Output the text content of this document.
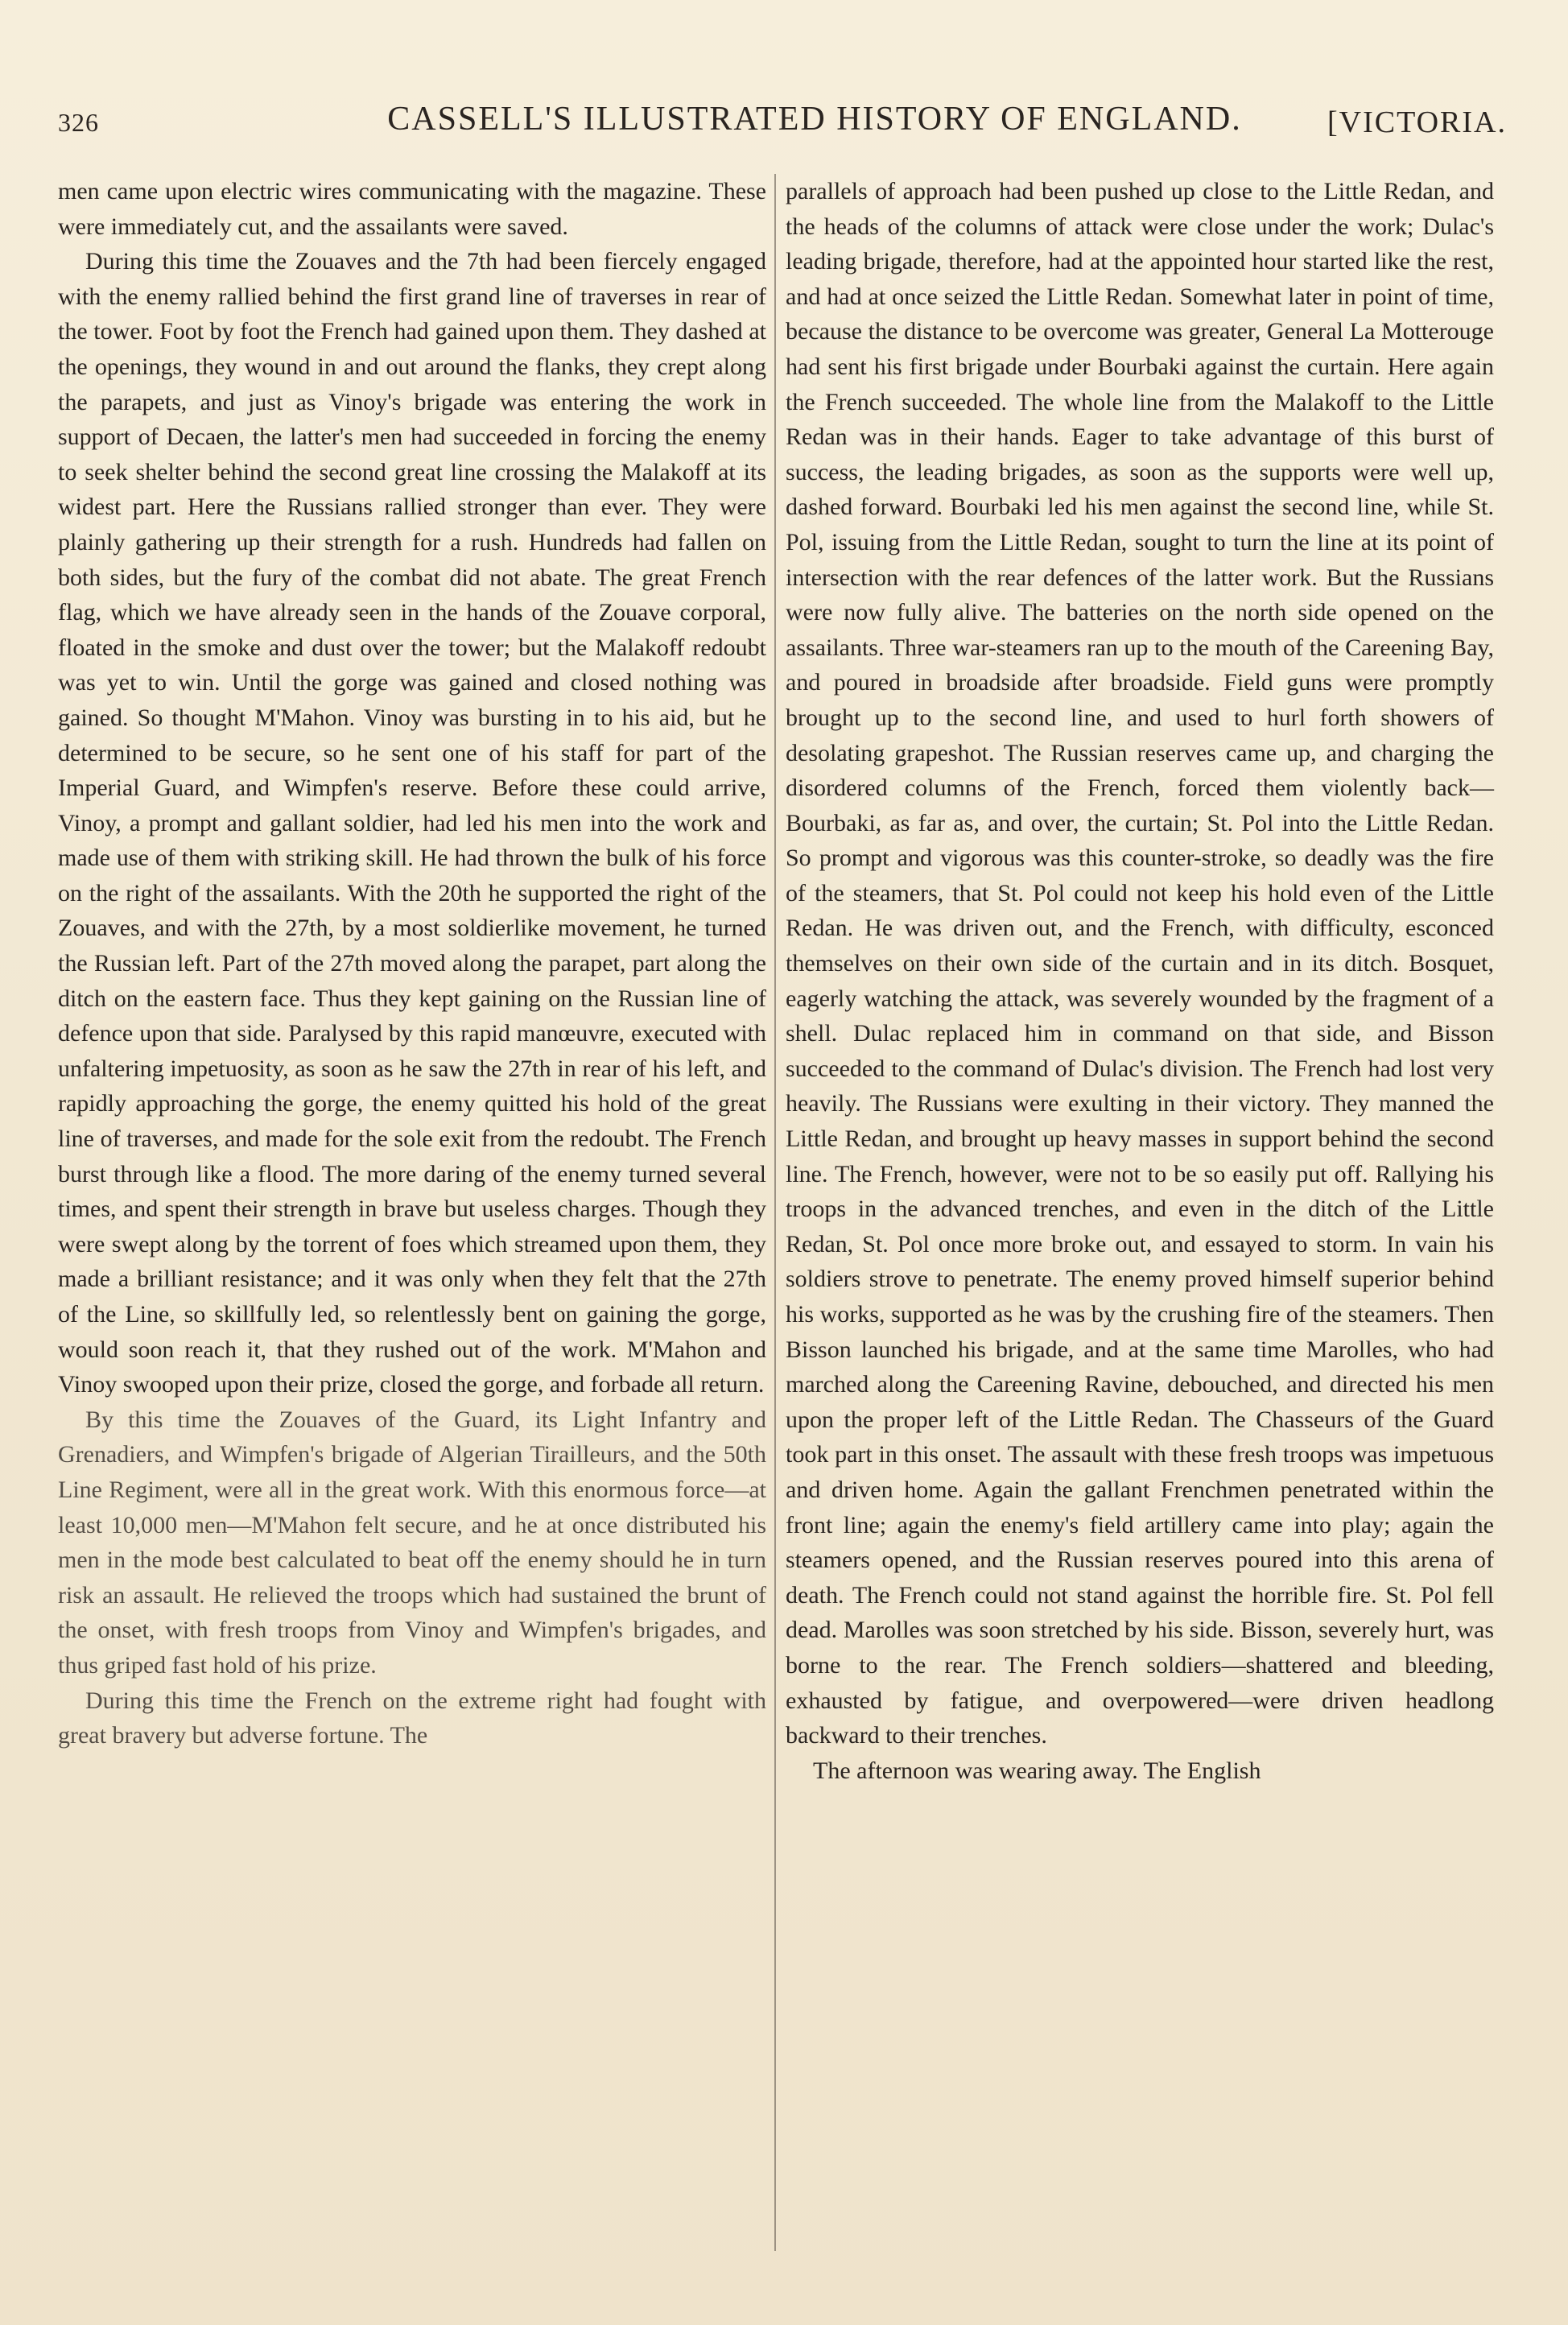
326	CASSELL'S ILLUSTRATED HISTORY OF ENGLAND.	[VICTORIA.

men came upon electric wires communicating with the magazine. These were immediately cut, and the assailants were saved.

During this time the Zouaves and the 7th had been fiercely engaged with the enemy rallied behind the first grand line of traverses in rear of the tower. Foot by foot the French had gained upon them. They dashed at the openings, they wound in and out around the flanks, they crept along the parapets, and just as Vinoy's brigade was entering the work in support of Decaen, the latter's men had succeeded in forcing the enemy to seek shelter behind the second great line crossing the Malakoff at its widest part. Here the Russians rallied stronger than ever. They were plainly gathering up their strength for a rush. Hundreds had fallen on both sides, but the fury of the combat did not abate. The great French flag, which we have already seen in the hands of the Zouave corporal, floated in the smoke and dust over the tower; but the Malakoff redoubt was yet to win. Until the gorge was gained and closed nothing was gained. So thought M'Mahon. Vinoy was bursting in to his aid, but he determined to be secure, so he sent one of his staff for part of the Imperial Guard, and Wimpfen's reserve. Before these could arrive, Vinoy, a prompt and gallant soldier, had led his men into the work and made use of them with striking skill. He had thrown the bulk of his force on the right of the assailants. With the 20th he supported the right of the Zouaves, and with the 27th, by a most soldierlike movement, he turned the Russian left. Part of the 27th moved along the parapet, part along the ditch on the eastern face. Thus they kept gaining on the Russian line of defence upon that side. Paralysed by this rapid manœuvre, executed with unfaltering impetuosity, as soon as he saw the 27th in rear of his left, and rapidly approaching the gorge, the enemy quitted his hold of the great line of traverses, and made for the sole exit from the redoubt. The French burst through like a flood. The more daring of the enemy turned several times, and spent their strength in brave but useless charges. Though they were swept along by the torrent of foes which streamed upon them, they made a brilliant resistance; and it was only when they felt that the 27th of the Line, so skillfully led, so relentlessly bent on gaining the gorge, would soon reach it, that they rushed out of the work. M'Mahon and Vinoy swooped upon their prize, closed the gorge, and forbade all return.

By this time the Zouaves of the Guard, its Light Infantry and Grenadiers, and Wimpfen's brigade of Algerian Tirailleurs, and the 50th Line Regiment, were all in the great work. With this enormous force—at least 10,000 men—M'Mahon felt secure, and he at once distributed his men in the mode best calculated to beat off the enemy should he in turn risk an assault. He relieved the troops which had sustained the brunt of the onset, with fresh troops from Vinoy and Wimpfen's brigades, and thus griped fast hold of his prize.

During this time the French on the extreme right had fought with great bravery but adverse fortune. The

parallels of approach had been pushed up close to the Little Redan, and the heads of the columns of attack were close under the work; Dulac's leading brigade, therefore, had at the appointed hour started like the rest, and had at once seized the Little Redan. Somewhat later in point of time, because the distance to be overcome was greater, General La Motterouge had sent his first brigade under Bourbaki against the curtain. Here again the French succeeded. The whole line from the Malakoff to the Little Redan was in their hands. Eager to take advantage of this burst of success, the leading brigades, as soon as the supports were well up, dashed forward. Bourbaki led his men against the second line, while St. Pol, issuing from the Little Redan, sought to turn the line at its point of intersection with the rear defences of the latter work. But the Russians were now fully alive. The batteries on the north side opened on the assailants. Three war-steamers ran up to the mouth of the Careening Bay, and poured in broadside after broadside. Field guns were promptly brought up to the second line, and used to hurl forth showers of desolating grapeshot. The Russian reserves came up, and charging the disordered columns of the French, forced them violently back—Bourbaki, as far as, and over, the curtain; St. Pol into the Little Redan. So prompt and vigorous was this counter-stroke, so deadly was the fire of the steamers, that St. Pol could not keep his hold even of the Little Redan. He was driven out, and the French, with difficulty, esconced themselves on their own side of the curtain and in its ditch. Bosquet, eagerly watching the attack, was severely wounded by the fragment of a shell. Dulac replaced him in command on that side, and Bisson succeeded to the command of Dulac's division. The French had lost very heavily. The Russians were exulting in their victory. They manned the Little Redan, and brought up heavy masses in support behind the second line. The French, however, were not to be so easily put off. Rallying his troops in the advanced trenches, and even in the ditch of the Little Redan, St. Pol once more broke out, and essayed to storm. In vain his soldiers strove to penetrate. The enemy proved himself superior behind his works, supported as he was by the crushing fire of the steamers. Then Bisson launched his brigade, and at the same time Marolles, who had marched along the Careening Ravine, debouched, and directed his men upon the proper left of the Little Redan. The Chasseurs of the Guard took part in this onset. The assault with these fresh troops was impetuous and driven home. Again the gallant Frenchmen penetrated within the front line; again the enemy's field artillery came into play; again the steamers opened, and the Russian reserves poured into this arena of death. The French could not stand against the horrible fire. St. Pol fell dead. Marolles was soon stretched by his side. Bisson, severely hurt, was borne to the rear. The French soldiers—shattered and bleeding, exhausted by fatigue, and overpowered—were driven headlong backward to their trenches.

The afternoon was wearing away. The English
